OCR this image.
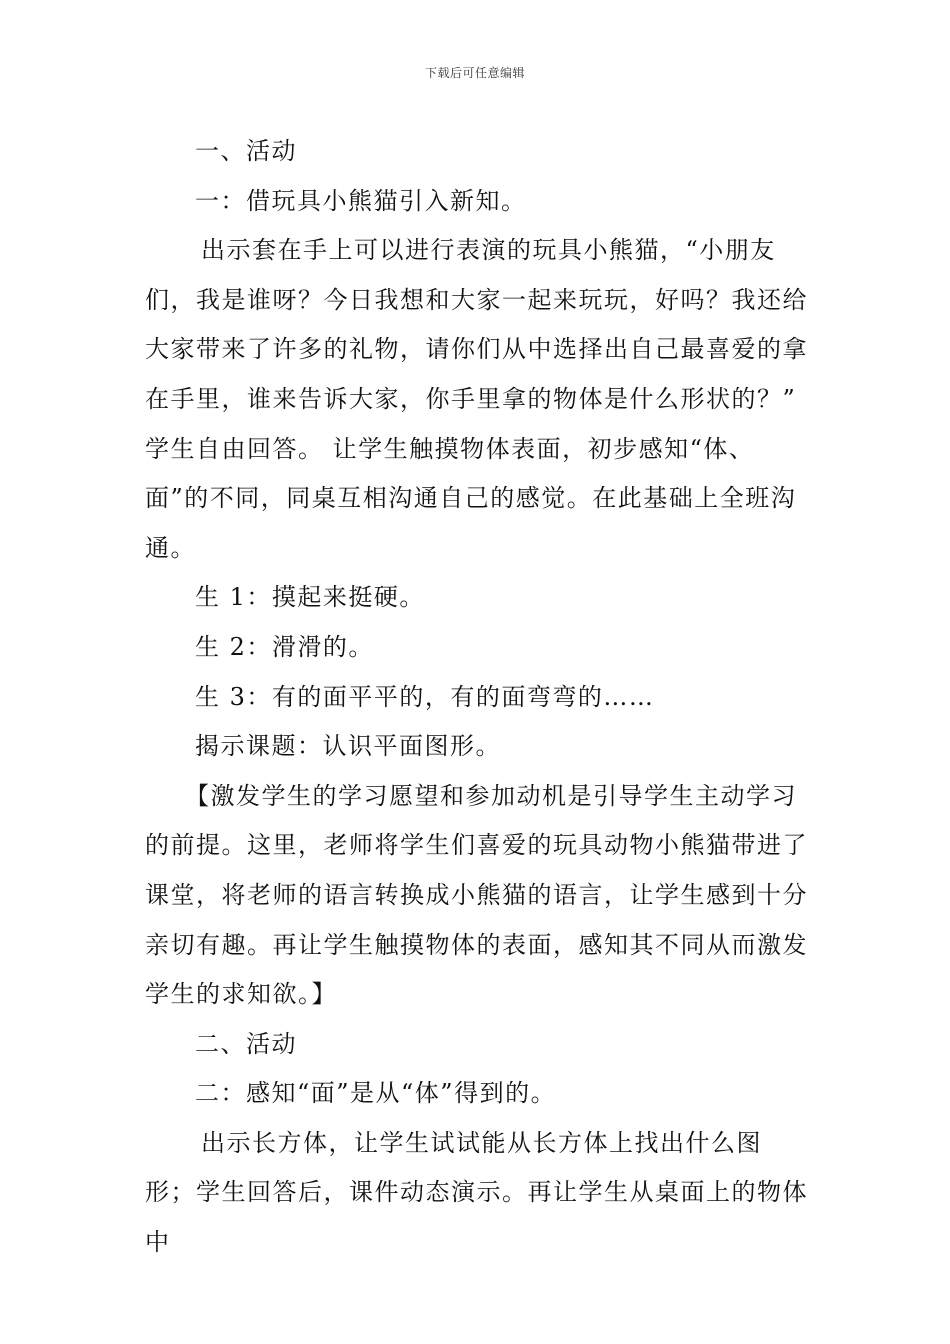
下载后可任意编辑

一、活动

一：借玩具小熊猫引入新知。

出示套在手上可以进行表演的玩具小熊猫，“小朋友们，我是谁呀？今日我想和大家一起来玩玩，好吗？我还给大家带来了许多的礼物，请你们从中选择出自己最喜爱的拿在手里，谁来告诉大家，你手里拿的物体是什么形状的？” 学生自由回答。 让学生触摸物体表面，初步感知“体、面”的不同，同桌互相沟通自己的感觉。在此基础上全班沟通。

生 1：摸起来挺硬。

生 2：滑滑的。

生 3：有的面平平的，有的面弯弯的……

揭示课题：认识平面图形。

【激发学生的学习愿望和参加动机是引导学生主动学习的前提。这里，老师将学生们喜爱的玩具动物小熊猫带进了课堂，将老师的语言转换成小熊猫的语言，让学生感到十分亲切有趣。再让学生触摸物体的表面，感知其不同从而激发学生的求知欲。】

二、活动

二：感知“面”是从“体”得到的。

出示长方体，让学生试试能从长方体上找出什么图形；学生回答后，课件动态演示。再让学生从桌面上的物体中
